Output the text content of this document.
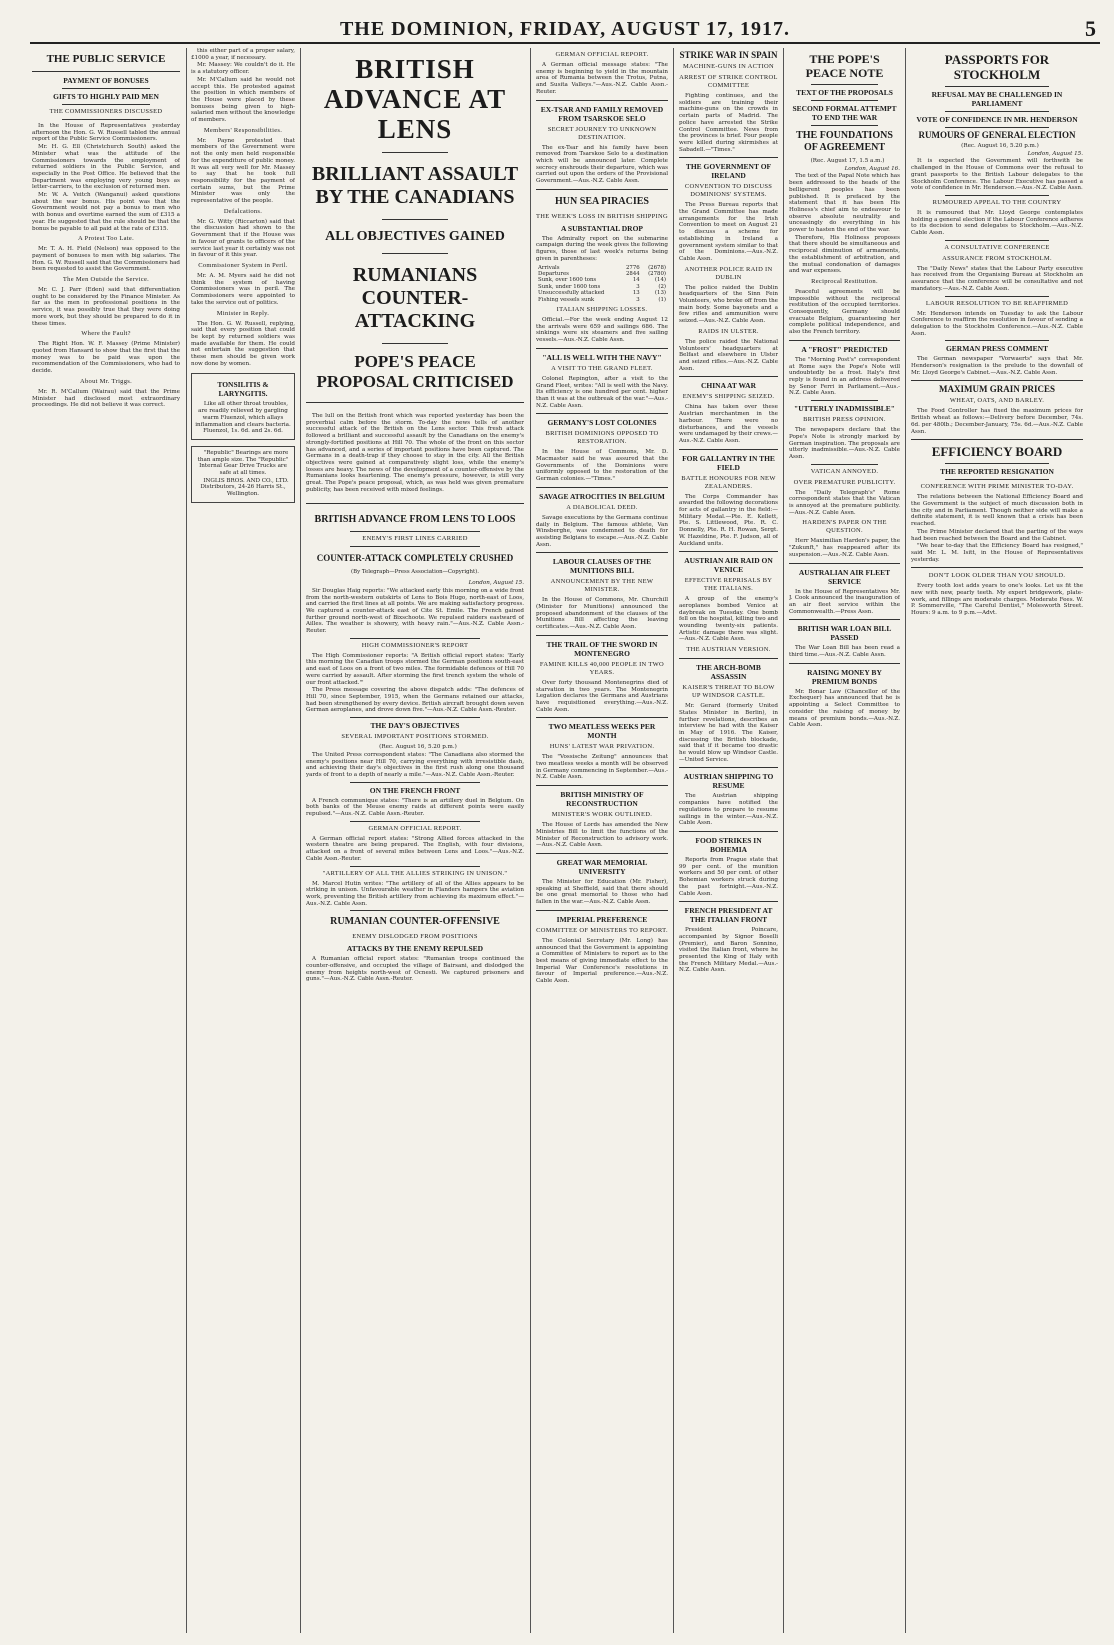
THE DOMINION, FRIDAY, AUGUST 17, 1917.	5
THE PUBLIC SERVICE
PAYMENT OF BONUSES
GIFTS TO HIGHLY PAID MEN
THE COMMISSIONERS DISCUSSED

In the House of Representatives yesterday afternoon the Hon. G. W. Russell tabled the annual report of the Public Service Commissioners.

Mr. H. G. Ell (Christchurch South) asked the Minister what was the attitude of the Commissioners towards the employment of returned soldiers in the Public Service, and especially in the Post Office. He believed that the Department was employing very young boys as letter-carriers, to the exclusion of returned men.

Mr. W. A. Veitch (Wanganui) asked questions about the war bonus. His point was that the Government would not pay a bonus to men who with bonus and overtime earned the sum of £315 a year. He suggested that the rule should be that the bonus be payable to all paid at the rate of £315.

A Protest Too Late.

Mr. T. A. H. Field (Nelson) was opposed to the payment of bonuses to men with big salaries. The Hon. G. W. Russell said that the Commissioners had been requested to assist the Government.

The Men Outside the Service.

Mr. C. J. Parr (Eden) said that differentiation ought to be considered by the Finance Minister. As far as the men in professional positions in the service, it was possibly true that they were doing more work, but they should be prepared to do it in these times.

Where the Fault?

The Right Hon. W. F. Massey (Prime Minister) quoted from Hansard to show that the first that the money was to be paid was upon the recommendation of the Commissioners, who had to decide.

About Mr. Triggs.

Mr. R. M'Callum (Wairau) said that the Prime Minister had disclosed most extraordinary proceedings. He did not believe it was correct.

this either part of a proper salary, £1000 a year, if necessary.

Mr. Massey: We couldn't do it. He is a statutory officer.

Mr. M'Callum said he would not accept this. He protested against the position in which members of the House were placed by these bonuses being given to high-salaried men without the knowledge of members.

Members' Responsibilities.

Mr. Payne protested that members of the Government were not the only men held responsible for the expenditure of public money. It was all very well for Mr. Massey to say that he took full responsibility for the payment of certain sums, but the Prime Minister was only the representative of the people.

Defalcations.

Mr. G. Witty (Riccarton) said that the discussion had shown to the Government that if the House was in favour of grants to officers of the service last year it certainly was not in favour of it this year.

Commissioner System in Peril.

Mr. A. M. Myers said he did not think the system of having Commissioners was in peril. The Commissioners were appointed to take the service out of politics.

Minister in Reply.

The Hon. G. W. Russell, replying, said that every position that could be kept by returned soldiers was made available for them. He could not entertain the suggestion that these men should be given work now done by women.

TONSILITIS & LARYNGITIS.

Like all other throat troubles, are readily relieved by gargling warm Fluenzol, which allays inflammation and clears bacteria. Fluenzol, 1s. 6d. and 2s. 6d.

"Republic" Bearings are more than ample size. The "Republic" Internal Gear Drive Trucks are safe at all times.

INGLIS BROS. AND CO., LTD. Distributors, 24-26 Harris St., Wellington.

BRITISH ADVANCE AT LENS
BRILLIANT ASSAULT BY THE CANADIANS
ALL OBJECTIVES GAINED
RUMANIANS COUNTER-ATTACKING
POPE'S PEACE PROPOSAL CRITICISED

The lull on the British front which was reported yesterday has been the proverbial calm before the storm. To-day the news tells of another successful attack of the British on the Lens sector. This fresh attack followed a brilliant and successful assault by the Canadians on the enemy's strongly-fortified positions at Hill 70. The whole of the front on this sector has advanced, and a series of important positions have been captured. The Germans in a death-trap if they choose to stay in the city. All the British objectives were gained at comparatively slight loss, while the enemy's losses are heavy. The news of the development of a counter-offensive by the Rumanians looks heartening. The enemy's pressure, however, is still very great. The Pope's peace proposal, which, as was held was given premature publicity, has been received with mixed feelings.

BRITISH ADVANCE FROM LENS TO LOOS
ENEMY'S FIRST LINES CARRIED
COUNTER-ATTACK COMPLETELY CRUSHED
(By Telegraph—Press Association—Copyright).

London, August 15.

Sir Douglas Haig reports: "We attacked early this morning on a wide front from the north-western outskirts of Lens to Bois Hugo, north-east of Loos, and carried the first lines at all points. We are making satisfactory progress. We captured a counter-attack east of Cite St. Emile. The French gained further ground north-west of Bixschoote. We repulsed raiders eastward of Ailles. The weather is showery, with heavy rain."—Aus.-N.Z. Cable Assn.-Reuter.

HIGH COMMISSIONER'S REPORT

The High Commissioner reports: "A British official report states: 'Early this morning the Canadian troops stormed the German positions south-east and east of Loos on a front of two miles. The formidable defences of Hill 70 were carried by assault. After storming the first trench system the whole of our front attacked.'"

The Press message covering the above dispatch adds: "The defences of Hill 70, since September, 1915, when the Germans retained our attacks, had been strengthened by every device. British aircraft brought down seven German aeroplanes, and drove down five."—Aus.-N.Z. Cable Assn.-Reuter.

THE DAY'S OBJECTIVES
SEVERAL IMPORTANT POSITIONS STORMED.

(Rec. August 16, 5.20 p.m.)

The United Press correspondent states: "The Canadians also stormed the enemy's positions near Hill 70, carrying everything with irresistible dash, and achieving their day's objectives in the first rush along one thousand yards of front to a depth of nearly a mile."—Aus.-N.Z. Cable Assn.-Reuter.

ON THE FRENCH FRONT

A French communique states: "There is an artillery duel in Belgium. On both banks of the Meuse enemy raids at different points were easily repulsed."—Aus.-N.Z. Cable Assn.-Reuter.

GERMAN OFFICIAL REPORT.

A German official report states: "Strong Allied forces attacked in the western theatre are being prepared. The English, with four divisions, attacked on a front of several miles between Lens and Loos."—Aus.-N.Z. Cable Assn.-Reuter.

"ARTILLERY OF ALL THE ALLIES STRIKING IN UNISON."

M. Marcel Hutin writes: "The artillery of all of the Allies appears to be striking in unison. Unfavourable weather in Flanders hampers the aviation work, preventing the British artillery from achieving its maximum effect."—Aus.-N.Z. Cable Assn.

RUMANIAN COUNTER-OFFENSIVE
ENEMY DISLODGED FROM POSITIONS
ATTACKS BY THE ENEMY REPULSED

A Rumanian official report states: "Rumanian troops continued the counter-offensive, and occupied the village of Bairsani, and dislodged the enemy from heights north-west of Ocnesti. We captured prisoners and guns."—Aus.-N.Z. Cable Assn.-Reuter.

GERMAN OFFICIAL REPORT.

A German official message states: "The enemy is beginning to yield in the mountain area of Rumania between the Trotus, Putna, and Susita Valleys."—Aus.-N.Z. Cable Assn.-Reuter.

EX-TSAR AND FAMILY REMOVED FROM TSARSKOE SELO
SECRET JOURNEY TO UNKNOWN DESTINATION.

The ex-Tsar and his family have been removed from Tsarskoe Selo to a destination which will be announced later. Complete secrecy enshrouds their departure, which was carried out upon the orders of the Provisional Government.—Aus.-N.Z. Cable Assn.

HUN SEA PIRACIES
THE WEEK'S LOSS IN BRITISH SHIPPING
A SUBSTANTIAL DROP

The Admiralty report on the submarine campaign during the week gives the following figures, those of last week's returns being given in parentheses:

Arrivals	2776	(2678)
Departures	2844	(2780)
Sunk, over 1600 tons	14	(14)
Sunk, under 1600 tons	3	(2)
Unsuccessfully attacked	13	(13)
Fishing vessels sunk	3	(1)
ITALIAN SHIPPING LOSSES.

Official.—For the week ending August 12 the arrivals were 659 and sailings 686. The sinkings were six steamers and five sailing vessels.—Aus.-N.Z. Cable Assn.

"ALL IS WELL WITH THE NAVY"
A VISIT TO THE GRAND FLEET.

Colonel Repington, after a visit to the Grand Fleet, writes: "All is well with the Navy. Its efficiency is one hundred per cent. higher than it was at the outbreak of the war."—Aus.-N.Z. Cable Assn.

GERMANY'S LOST COLONIES
BRITISH DOMINIONS OPPOSED TO RESTORATION.

In the House of Commons, Mr. D. Macmaster said he was assured that the Governments of the Dominions were uniformly opposed to the restoration of the German colonies.—"Times."

SAVAGE ATROCITIES IN BELGIUM
A DIABOLICAL DEED.

Savage executions by the Germans continue daily in Belgium. The famous athlete, Van Winsberghe, was condemned to death for assisting Belgians to escape.—Aus.-N.Z. Cable Assn.

LABOUR CLAUSES OF THE MUNITIONS BILL
ANNOUNCEMENT BY THE NEW MINISTER.

In the House of Commons, Mr. Churchill (Minister for Munitions) announced the proposed abandonment of the clauses of the Munitions Bill affecting the leaving certificates.—Aus.-N.Z. Cable Assn.

THE TRAIL OF THE SWORD IN MONTENEGRO
FAMINE KILLS 40,000 PEOPLE IN TWO YEARS.

Over forty thousand Montenegrins died of starvation in two years. The Montenegrin Legation declares the Germans and Austrians have requisitioned everything.—Aus.-N.Z. Cable Assn.

TWO MEATLESS WEEKS PER MONTH
HUNS' LATEST WAR PRIVATION.

The "Vossische Zeitung" announces that two meatless weeks a month will be observed in Germany commencing in September.—Aus.-N.Z. Cable Assn.

BRITISH MINISTRY OF RECONSTRUCTION
MINISTER'S WORK OUTLINED.

The House of Lords has amended the New Ministries Bill to limit the functions of the Minister of Reconstruction to advisory work.—Aus.-N.Z. Cable Assn.

GREAT WAR MEMORIAL UNIVERSITY

The Minister for Education (Mr. Fisher), speaking at Sheffield, said that there should be one great memorial to those who had fallen in the war.—Aus.-N.Z. Cable Assn.

IMPERIAL PREFERENCE
COMMITTEE OF MINISTERS TO REPORT.

The Colonial Secretary (Mr. Long) has announced that the Government is appointing a Committee of Ministers to report as to the best means of giving immediate effect to the Imperial War Conference's resolutions in favour of Imperial preference.—Aus.-N.Z. Cable Assn.

STRIKE WAR IN SPAIN
MACHINE-GUNS IN ACTION
ARREST OF STRIKE CONTROL COMMITTEE

Fighting continues, and the soldiers are training their machine-guns on the crowds in certain parts of Madrid. The police have arrested the Strike Control Committee. News from the provinces is brief. Four people were killed during skirmishes at Sabadell.—"Times."

THE GOVERNMENT OF IRELAND
CONVENTION TO DISCUSS DOMINIONS' SYSTEMS.

The Press Bureau reports that the Grand Committee has made arrangements for the Irish Convention to meet on August 21 to discuss a scheme for establishing in Ireland a government system similar to that of the Dominions.—Aus.-N.Z. Cable Assn.

ANOTHER POLICE RAID IN DUBLIN

The police raided the Dublin headquarters of the Sinn Fein Volunteers, who broke off from the main body. Some bayonets and a few rifles and ammunition were seized.—Aus.-N.Z. Cable Assn.

RAIDS IN ULSTER.

The police raided the National Volunteers' headquarters at Belfast and elsewhere in Ulster and seized rifles.—Aus.-N.Z. Cable Assn.

CHINA AT WAR
ENEMY'S SHIPPING SEIZED.

China has taken over these Austrian merchantmen in the harbour. There were no disturbances, and the vessels were undamaged by their crews.—Aus.-N.Z. Cable Assn.

FOR GALLANTRY IN THE FIELD
BATTLE HONOURS FOR NEW ZEALANDERS.

The Corps Commander has awarded the following decorations for acts of gallantry in the field:— Military Medal.—Pte. E. Kellett, Pte. S. Littlewood, Pte. R. C. Donnelly, Pte. R. H. Rowan, Sergt. W. Hazeldine, Pte. F. Judson, all of Auckland units.

AUSTRIAN AIR RAID ON VENICE
EFFECTIVE REPRISALS BY THE ITALIANS.

A group of the enemy's aeroplanes bombed Venice at daybreak on Tuesday. One bomb fell on the hospital, killing two and wounding twenty-six patients. Artistic damage there was slight.—Aus.-N.Z. Cable Assn.

THE AUSTRIAN VERSION.
THE ARCH-BOMB ASSASSIN
KAISER'S THREAT TO BLOW UP WINDSOR CASTLE.

Mr. Gerard (formerly United States Minister in Berlin), in further revelations, describes an interview he had with the Kaiser in May of 1916. The Kaiser, discussing the British blockade, said that if it became too drastic he would blow up Windsor Castle.—United Service.

AUSTRIAN SHIPPING TO RESUME

The Austrian shipping companies have notified the regulations to prepare to resume sailings in the winter.—Aus.-N.Z. Cable Assn.

FOOD STRIKES IN BOHEMIA

Reports from Prague state that 99 per cent. of the munition workers and 50 per cent. of other Bohemian workers struck during the past fortnight.—Aus.-N.Z. Cable Assn.

FRENCH PRESIDENT AT THE ITALIAN FRONT

President Poincare, accompanied by Signor Boselli (Premier), and Baron Sonnino, visited the Italian front, where he presented the King of Italy with the French Military Medal.—Aus.-N.Z. Cable Assn.

THE POPE'S PEACE NOTE
TEXT OF THE PROPOSALS
SECOND FORMAL ATTEMPT TO END THE WAR
THE FOUNDATIONS OF AGREEMENT

(Rec. August 17, 1.5 a.m.)

London, August 16.

The text of the Papal Note which has been addressed to the heads of the belligerent peoples has been published. It is prefaced by the statement that it has been His Holiness's chief aim to endeavour to observe absolute neutrality and unceasingly do everything in his power to hasten the end of the war.

Therefore, His Holiness proposes that there should be simultaneous and reciprocal diminution of armaments, the establishment of arbitration, and the mutual condonation of damages and war expenses.

Reciprocal Restitution.

Peaceful agreements will be impossible without the reciprocal restitution of the occupied territories. Consequently, Germany should evacuate Belgium, guaranteeing her complete political independence, and also the French territory.

A "FROST" PREDICTED

The "Morning Post's" correspondent at Rome says the Pope's Note will undoubtedly be a frost. Italy's first reply is found in an address delivered by Senor Ferri in Parliament.—Aus.-N.Z. Cable Assn.

"UTTERLY INADMISSIBLE"
BRITISH PRESS OPINION.

The newspapers declare that the Pope's Note is strongly marked by German inspiration. The proposals are utterly inadmissible.—Aus.-N.Z. Cable Assn.

VATICAN ANNOYED.
OVER PREMATURE PUBLICITY.

The "Daily Telegraph's" Rome correspondent states that the Vatican is annoyed at the premature publicity.—Aus.-N.Z. Cable Assn.

HARDEN'S PAPER ON THE QUESTION.

Herr Maximilian Harden's paper, the "Zukunft," has reappeared after its suspension.—Aus.-N.Z. Cable Assn.

AUSTRALIAN AIR FLEET SERVICE

In the House of Representatives Mr. J. Cook announced the inauguration of an air fleet service within the Commonwealth.—Press Assn.

BRITISH WAR LOAN BILL PASSED

The War Loan Bill has been read a third time.—Aus.-N.Z. Cable Assn.

RAISING MONEY BY PREMIUM BONDS

Mr. Bonar Law (Chancellor of the Exchequer) has announced that he is appointing a Select Committee to consider the raising of money by means of premium bonds.—Aus.-N.Z. Cable Assn.

PASSPORTS FOR STOCKHOLM
REFUSAL MAY BE CHALLENGED IN PARLIAMENT
VOTE OF CONFIDENCE IN MR. HENDERSON
RUMOURS OF GENERAL ELECTION

(Rec. August 16, 5.20 p.m.)

London, August 15.

It is expected the Government will forthwith be challenged in the House of Commons over the refusal to grant passports to the British Labour delegates to the Stockholm Conference. The Labour Executive has passed a vote of confidence in Mr. Henderson.—Aus.-N.Z. Cable Assn.

RUMOURED APPEAL TO THE COUNTRY

It is rumoured that Mr. Lloyd George contemplates holding a general election if the Labour Conference adheres to its decision to send delegates to Stockholm.—Aus.-N.Z. Cable Assn.

A CONSULTATIVE CONFERENCE
ASSURANCE FROM STOCKHOLM.

The "Daily News" states that the Labour Party executive has received from the Organising Bureau at Stockholm an assurance that the conference will be consultative and not mandatory.—Aus.-N.Z. Cable Assn.

LABOUR RESOLUTION TO BE REAFFIRMED

Mr. Henderson intends on Tuesday to ask the Labour Conference to reaffirm the resolution in favour of sending a delegation to the Stockholm Conference.—Aus.-N.Z. Cable Assn.

GERMAN PRESS COMMENT

The German newspaper "Vorwaerts" says that Mr. Henderson's resignation is the prelude to the downfall of Mr. Lloyd George's Cabinet.—Aus.-N.Z. Cable Assn.

MAXIMUM GRAIN PRICES
WHEAT, OATS, AND BARLEY.

The Food Controller has fixed the maximum prices for British wheat as follows:—Delivery before December, 74s. 6d. per 480lb.; December-January, 75s. 6d.—Aus.-N.Z. Cable Assn.

EFFICIENCY BOARD
THE REPORTED RESIGNATION
CONFERENCE WITH PRIME MINISTER TO-DAY.

The relations between the National Efficiency Board and the Government is the subject of much discussion both in the city and in Parliament. Though neither side will make a definite statement, it is well known that a crisis has been reached.

The Prime Minister declared that the parting of the ways had been reached between the Board and the Cabinet.

"We hear to-day that the Efficiency Board has resigned," said Mr. L. M. Isitt, in the House of Representatives yesterday.

DON'T LOOK OLDER THAN YOU SHOULD.

Every tooth lost adds years to one's looks. Let us fit the new with new, pearly teeth. My expert bridgework, plate-work, and fillings are moderate charges. Moderate Fees. W. P. Sommerville, "The Careful Dentist," Molesworth Street. Hours: 9 a.m. to 9 p.m.—Advt.
